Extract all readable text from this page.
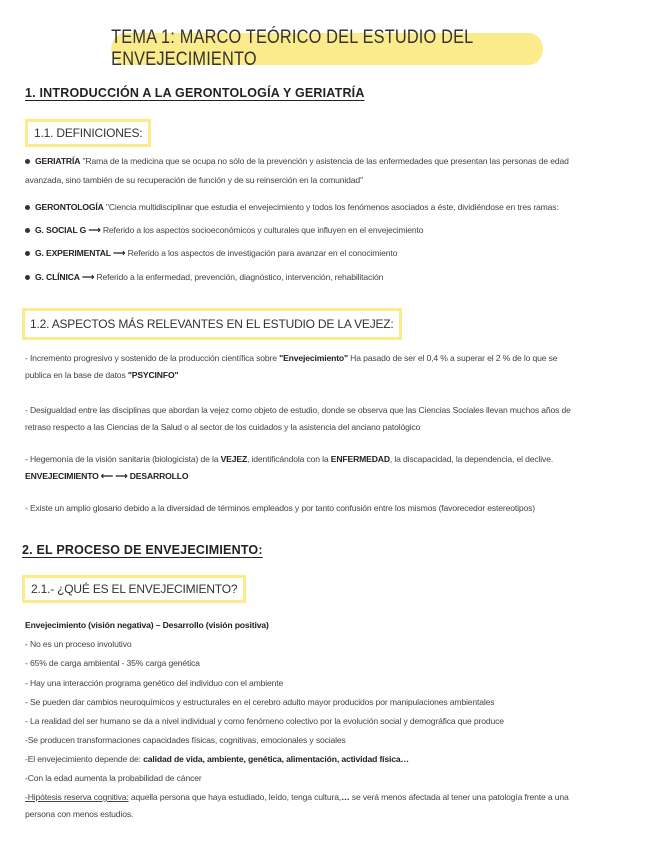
TEMA 1: MARCO TEÓRICO DEL ESTUDIO DEL ENVEJECIMIENTO
1. INTRODUCCIÓN A LA GERONTOLOGÍA Y GERIATRÍA
1.1. DEFINICIONES:
GERIATRÍA "Rama de la medicina que se ocupa no sólo de la prevención y asistencia de las enfermedades que presentan las personas de edad
avanzada, sino también de su recuperación de función y de su reinserción en la comunidad"
GERONTOLOGÍA "Ciencia multidisciplinar que estudia el envejecimiento y todos los fenómenos asociados a éste, dividiéndose en tres ramas:
G. SOCIAL G ⟶ Referido a los aspectos socioeconómicos y culturales que influyen en el envejecimiento
G. EXPERIMENTAL ⟶ Referido a los aspectos de investigación para avanzar en el conocimiento
G. CLÍNICA ⟶ Referido a la enfermedad, prevención, diagnóstico, intervención, rehabilitación
1.2. ASPECTOS MÁS RELEVANTES EN EL ESTUDIO DE LA VEJEZ:
- Incremento progresivo y sostenido de la producción científica sobre "Envejecimiento" Ha pasado de ser el 0,4 % a superar el 2 % de lo que se
publica en la base de datos "PSYCINFO"
- Desigualdad entre las disciplinas que abordan la vejez como objeto de estudio, donde se observa que las Ciencias Sociales llevan muchos años de
retraso respecto a las Ciencias de la Salud o al sector de los cuidados y la asistencia del anciano patológico
- Hegemonía de la visión sanitaria (biologicista) de la VEJEZ, identificándola con la ENFERMEDAD, la discapacidad, la dependencia, el declive.
ENVEJECIMIENTO ⟵ ⟶ DESARROLLO
- Existe un amplio glosario debido a la diversidad de términos empleados y por tanto confusión entre los mismos (favorecedor estereotipos)
2. EL PROCESO DE ENVEJECIMIENTO:
2.1.- ¿QUÉ ES EL ENVEJECIMIENTO?
Envejecimiento (visión negativa) – Desarrollo (visión positiva)
- No es un proceso involutivo
- 65% de carga ambiental - 35% carga genética
- Hay una interacción programa genético del individuo con el ambiente
- Se pueden dar cambios neuroquímicos y estructurales en el cerebro adulto mayor producidos por manipulaciones ambientales
- La realidad del ser humano se da a nivel individual y como fenómeno colectivo por la evolución social y demográfica que produce
-Se producen transformaciones capacidades físicas, cognitivas, emocionales y sociales
-El envejecimiento depende de: calidad de vida, ambiente, genética, alimentación, actividad física…
-Con la edad aumenta la probabilidad de cáncer
-Hipótesis reserva cognitiva: aquella persona que haya estudiado, leído, tenga cultura,… se verá menos afectada al tener una patología frente a una
persona con menos estudios.
